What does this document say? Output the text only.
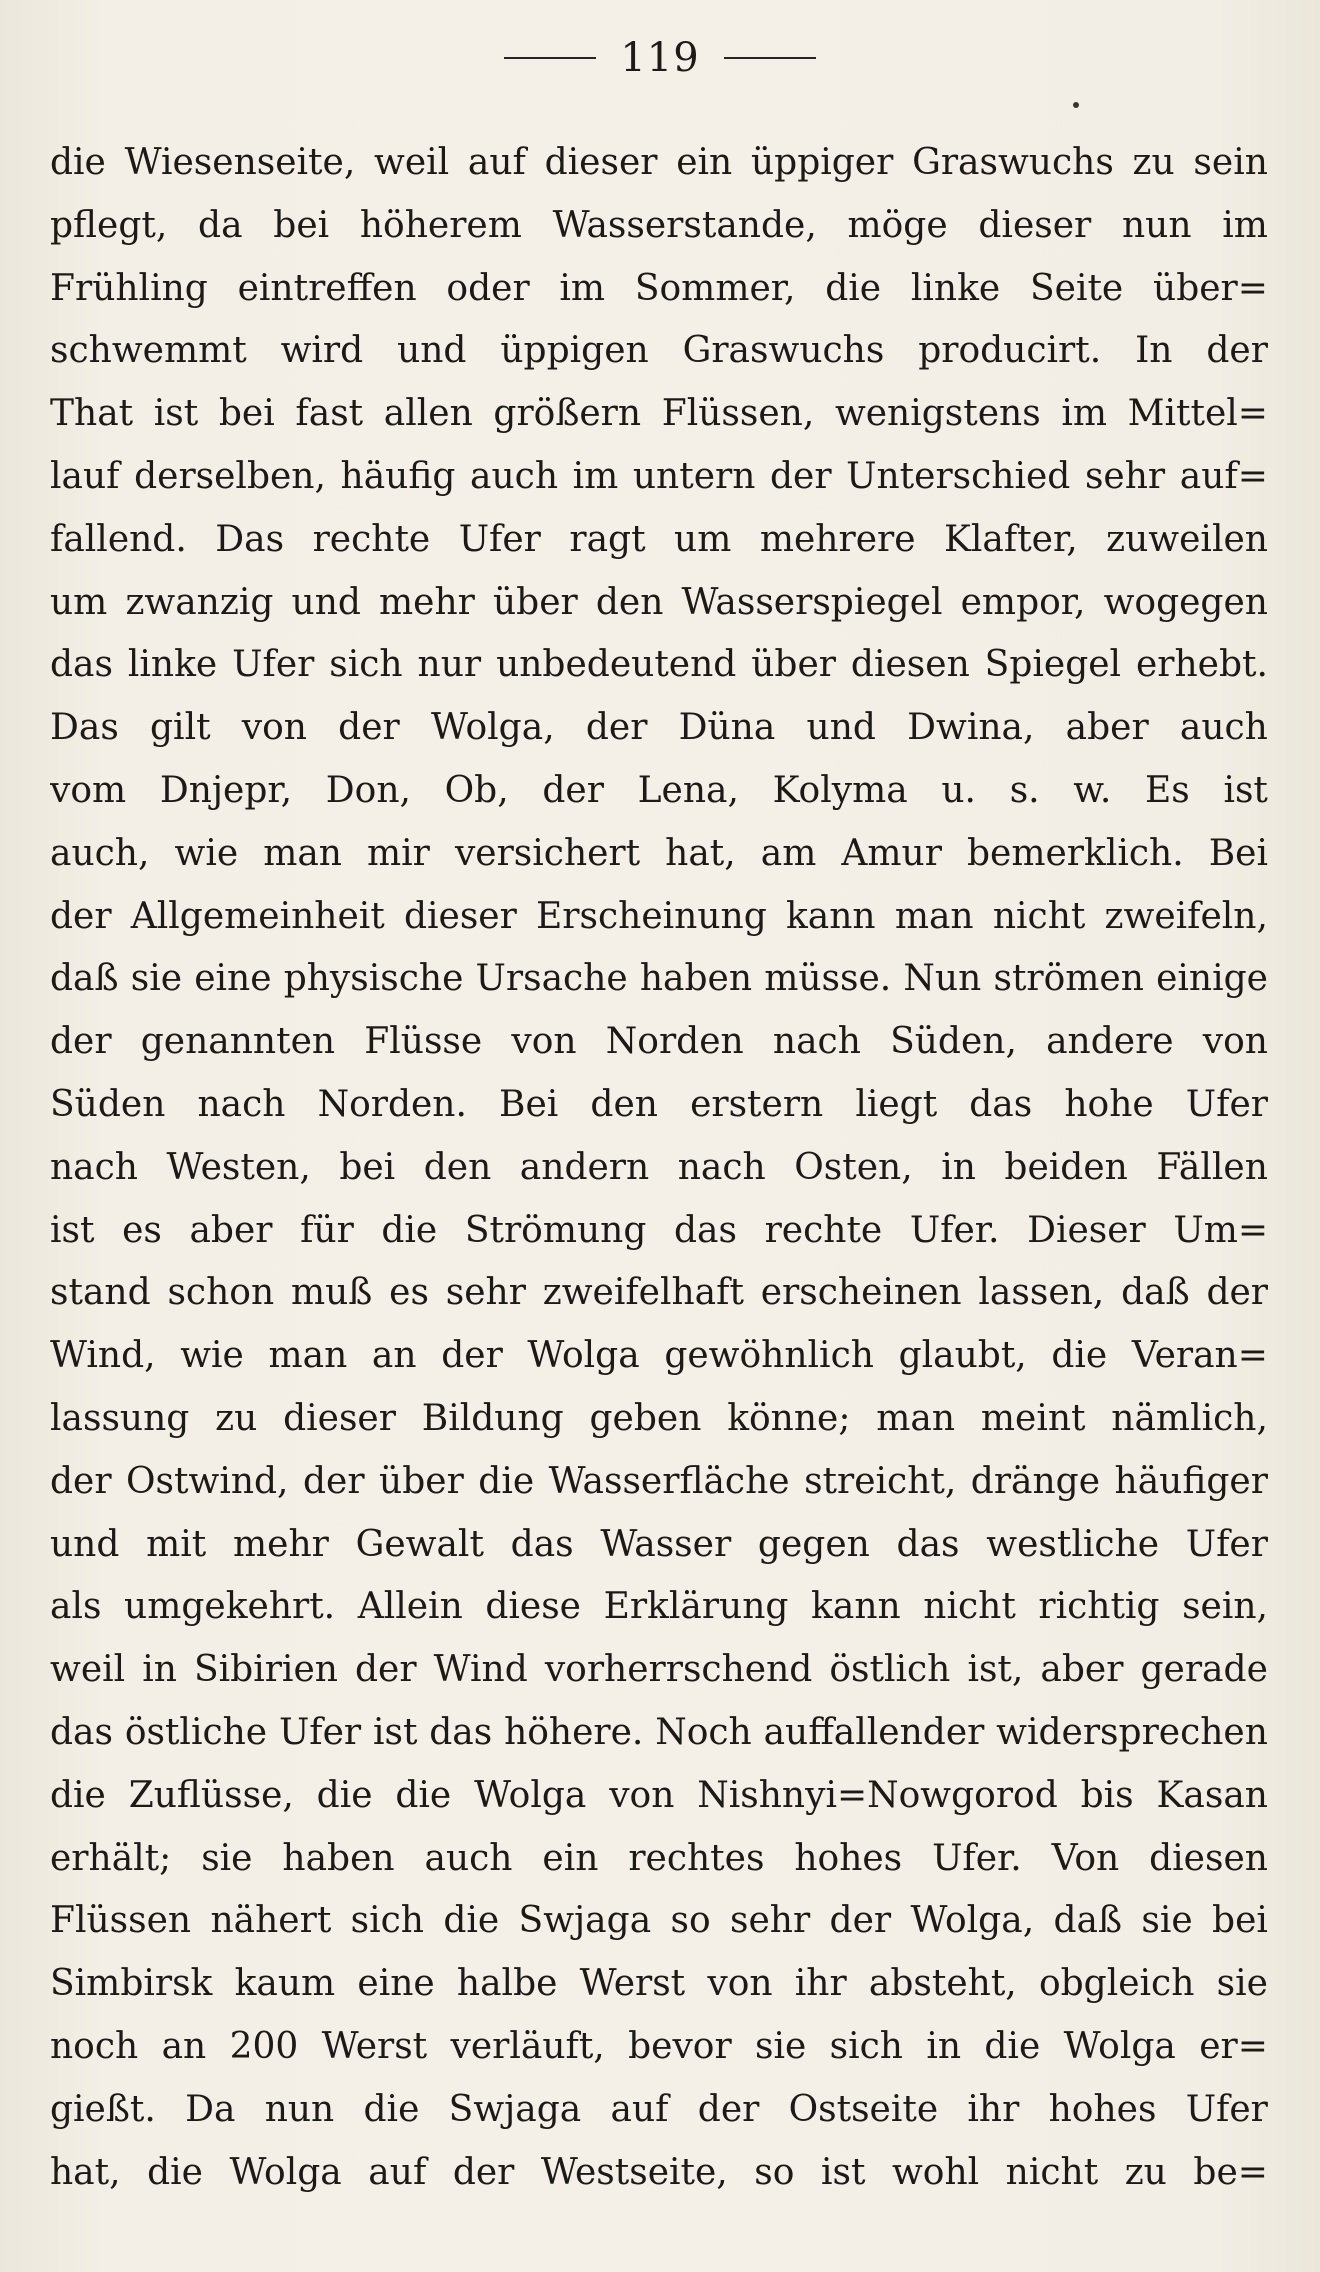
119
die Wiesenseite, weil auf dieser ein üppiger Graswuchs zu sein
pflegt, da bei höherem Wasserstande, möge dieser nun im
Frühling eintreffen oder im Sommer, die linke Seite über=
schwemmt wird und üppigen Graswuchs producirt. In der
That ist bei fast allen größern Flüssen, wenigstens im Mittel=
lauf derselben, häufig auch im untern der Unterschied sehr auf=
fallend. Das rechte Ufer ragt um mehrere Klafter, zuweilen
um zwanzig und mehr über den Wasserspiegel empor, wogegen
das linke Ufer sich nur unbedeutend über diesen Spiegel erhebt.
Das gilt von der Wolga, der Düna und Dwina, aber auch
vom Dnjepr, Don, Ob, der Lena, Kolyma u. s. w. Es ist
auch, wie man mir versichert hat, am Amur bemerklich. Bei
der Allgemeinheit dieser Erscheinung kann man nicht zweifeln,
daß sie eine physische Ursache haben müsse. Nun strömen einige
der genannten Flüsse von Norden nach Süden, andere von
Süden nach Norden. Bei den erstern liegt das hohe Ufer
nach Westen, bei den andern nach Osten, in beiden Fällen
ist es aber für die Strömung das rechte Ufer. Dieser Um=
stand schon muß es sehr zweifelhaft erscheinen lassen, daß der
Wind, wie man an der Wolga gewöhnlich glaubt, die Veran=
lassung zu dieser Bildung geben könne; man meint nämlich,
der Ostwind, der über die Wasserfläche streicht, dränge häufiger
und mit mehr Gewalt das Wasser gegen das westliche Ufer
als umgekehrt. Allein diese Erklärung kann nicht richtig sein,
weil in Sibirien der Wind vorherrschend östlich ist, aber gerade
das östliche Ufer ist das höhere. Noch auffallender widersprechen
die Zuflüsse, die die Wolga von Nishnyi=Nowgorod bis Kasan
erhält; sie haben auch ein rechtes hohes Ufer. Von diesen
Flüssen nähert sich die Swjaga so sehr der Wolga, daß sie bei
Simbirsk kaum eine halbe Werst von ihr absteht, obgleich sie
noch an 200 Werst verläuft, bevor sie sich in die Wolga er=
gießt. Da nun die Swjaga auf der Ostseite ihr hohes Ufer
hat, die Wolga auf der Westseite, so ist wohl nicht zu be=
